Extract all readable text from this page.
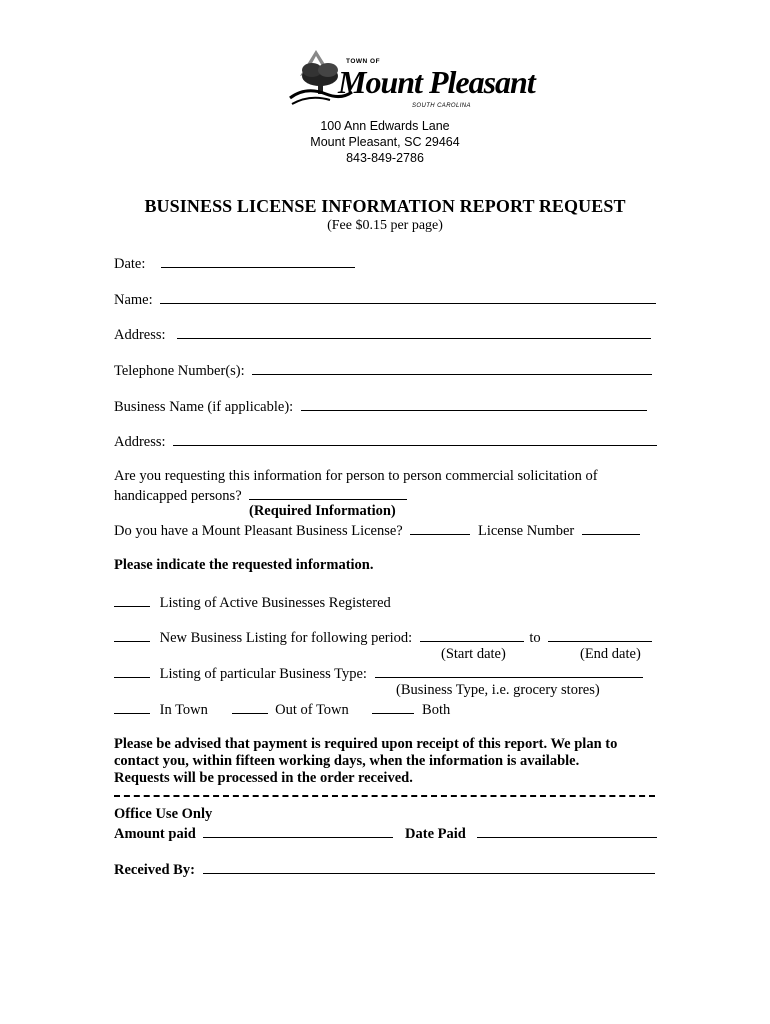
TOWN OF
Mount Pleasant
SOUTH CAROLINA
100 Ann Edwards Lane
Mount Pleasant, SC 29464
843-849-2786
BUSINESS LICENSE INFORMATION REPORT REQUEST
(Fee $0.15 per page)
Date:
Name:
Address:
Telephone Number(s):
Business Name (if applicable):
Address:
Are you requesting this information for person to person commercial solicitation of
handicapped persons?
(Required Information)
Do you have a Mount Pleasant Business License?	License Number
Please indicate the requested information.
Listing of Active Businesses Registered
New Business Listing for following period:	to
(Start date)	(End date)
Listing of particular Business Type:
(Business Type, i.e. grocery stores)
In Town	Out of Town	Both
Please be advised that payment is required upon receipt of this report. We plan to
contact you, within fifteen working days, when the information is available.
Requests will be processed in the order received.
Office Use Only
Amount paid	Date Paid
Received By:
